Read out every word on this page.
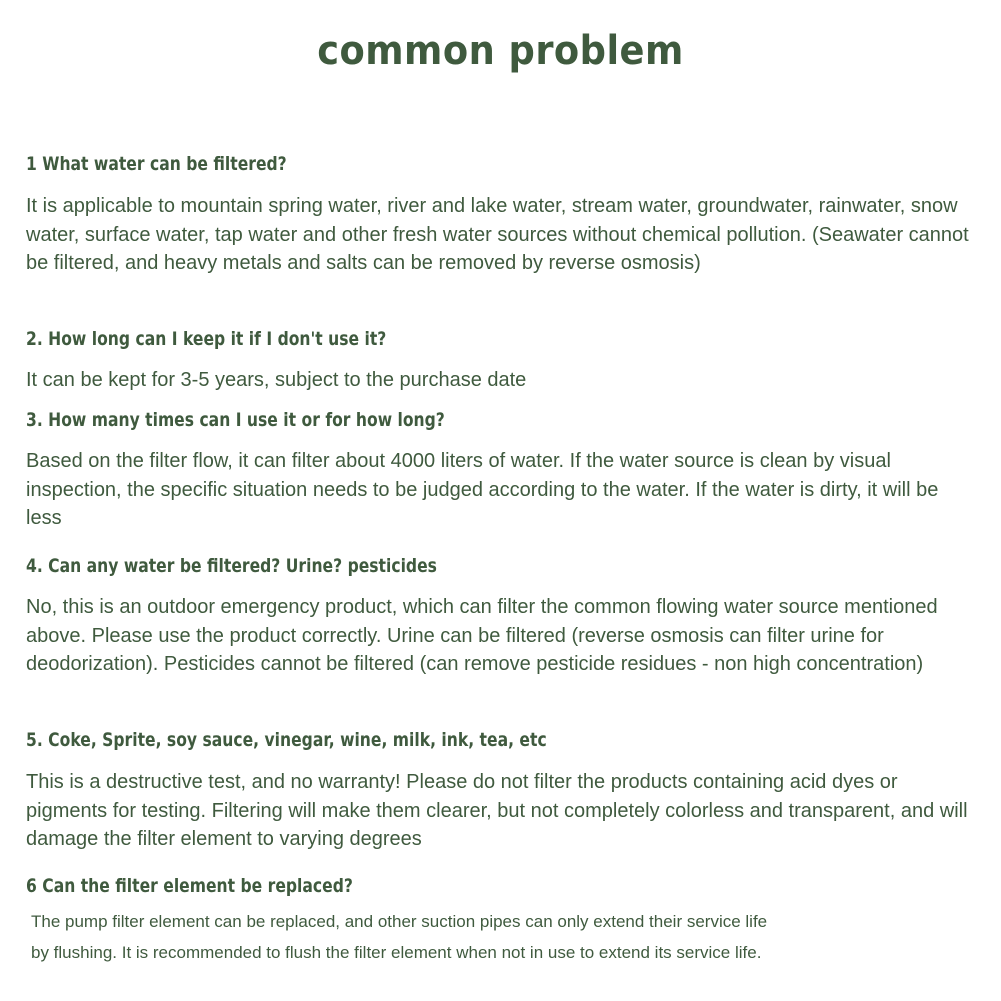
common problem
1 What water can be filtered?

It is applicable to mountain spring water, river and lake water, stream water, groundwater, rainwater, snow water, surface water, tap water and other fresh water sources without chemical pollution. (Seawater cannot be filtered, and heavy metals and salts can be removed by reverse osmosis)

2. How long can I keep it if I don't use it?

It can be kept for 3-5 years, subject to the purchase date

3. How many times can I use it or for how long?

Based on the filter flow, it can filter about 4000 liters of water. If the water source is clean by visual inspection, the specific situation needs to be judged according to the water. If the water is dirty, it will be less

4. Can any water be filtered? Urine? pesticides

No, this is an outdoor emergency product, which can filter the common flowing water source mentioned above. Please use the product correctly. Urine can be filtered (reverse osmosis can filter urine for deodorization). Pesticides cannot be filtered (can remove pesticide residues - non high concentration)

5. Coke, Sprite, soy sauce, vinegar, wine, milk, ink, tea, etc

This is a destructive test, and no warranty! Please do not filter the products containing acid dyes or pigments for testing. Filtering will make them clearer, but not completely colorless and transparent, and will damage the filter element to varying degrees

6 Can the filter element be replaced?

The pump filter element can be replaced, and other suction pipes can only extend their service life
by flushing. It is recommended to flush the filter element when not in use to extend its service life.
